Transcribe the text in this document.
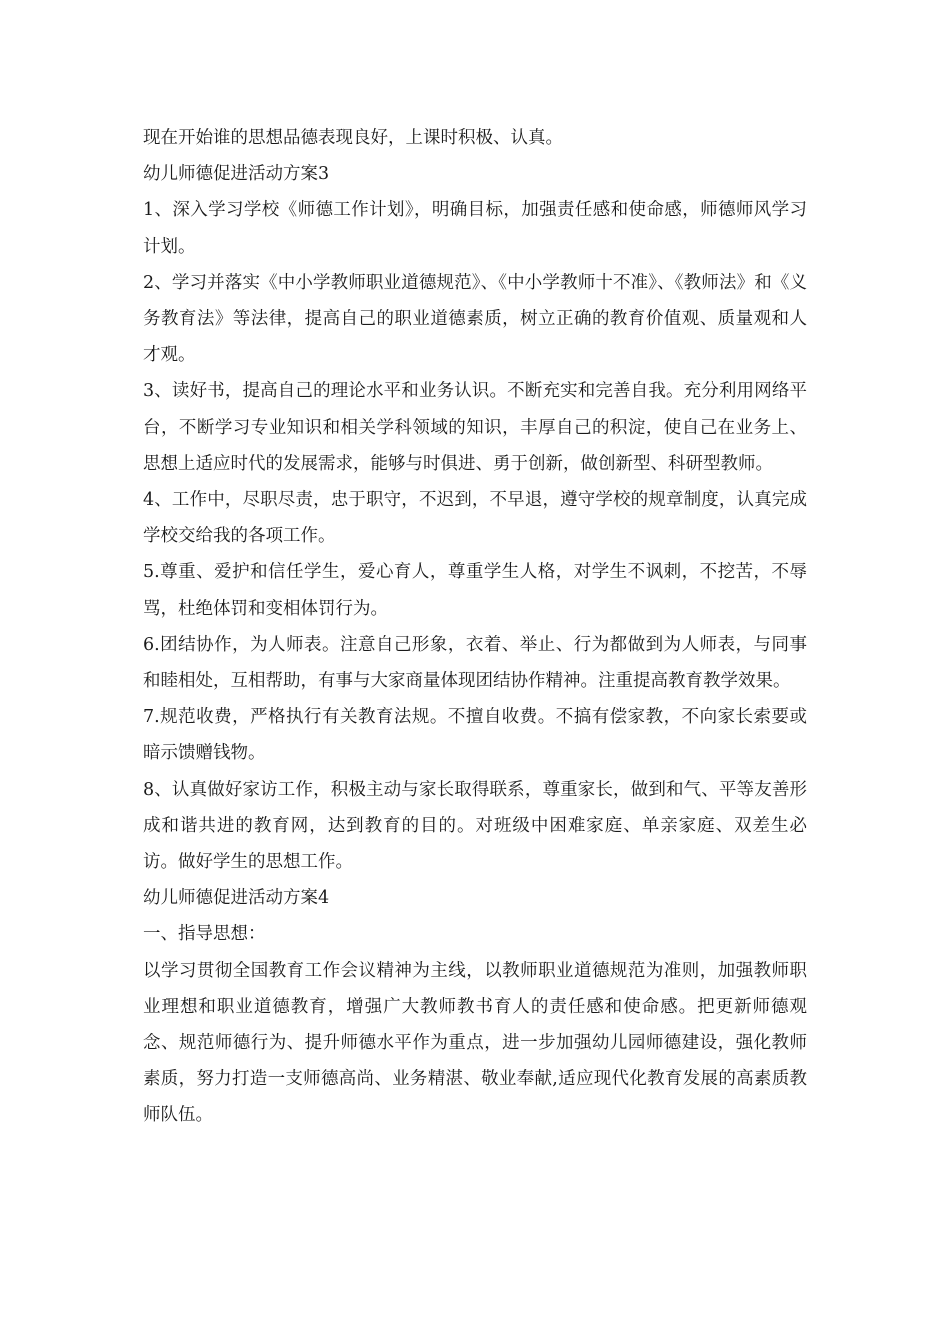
现在开始谁的思想品德表现良好，上课时积极、认真。

幼儿师德促进活动方案3

1、深入学习学校《师德工作计划》，明确目标，加强责任感和使命感，师德师风学习计划。

2、学习并落实《中小学教师职业道德规范》、《中小学教师十不准》、《教师法》和《义务教育法》等法律，提高自己的职业道德素质，树立正确的教育价值观、质量观和人才观。

3、读好书，提高自己的理论水平和业务认识。不断充实和完善自我。充分利用网络平台，不断学习专业知识和相关学科领域的知识，丰厚自己的积淀，使自己在业务上、思想上适应时代的发展需求，能够与时俱进、勇于创新，做创新型、科研型教师。

4、工作中，尽职尽责，忠于职守，不迟到，不早退，遵守学校的规章制度，认真完成学校交给我的各项工作。

5.尊重、爱护和信任学生，爱心育人，尊重学生人格，对学生不讽刺，不挖苦，不辱骂，杜绝体罚和变相体罚行为。

6.团结协作，为人师表。注意自己形象，衣着、举止、行为都做到为人师表，与同事和睦相处，互相帮助，有事与大家商量体现团结协作精神。注重提高教育教学效果。

7.规范收费，严格执行有关教育法规。不擅自收费。不搞有偿家教，不向家长索要或暗示馈赠钱物。

8、认真做好家访工作，积极主动与家长取得联系，尊重家长，做到和气、平等友善形成和谐共进的教育网，达到教育的目的。对班级中困难家庭、单亲家庭、双差生必访。做好学生的思想工作。

幼儿师德促进活动方案4

一、指导思想：

以学习贯彻全国教育工作会议精神为主线，以教师职业道德规范为准则，加强教师职业理想和职业道德教育，增强广大教师教书育人的责任感和使命感。把更新师德观念、规范师德行为、提升师德水平作为重点，进一步加强幼儿园师德建设，强化教师素质，努力打造一支师德高尚、业务精湛、敬业奉献,适应现代化教育发展的高素质教师队伍。
